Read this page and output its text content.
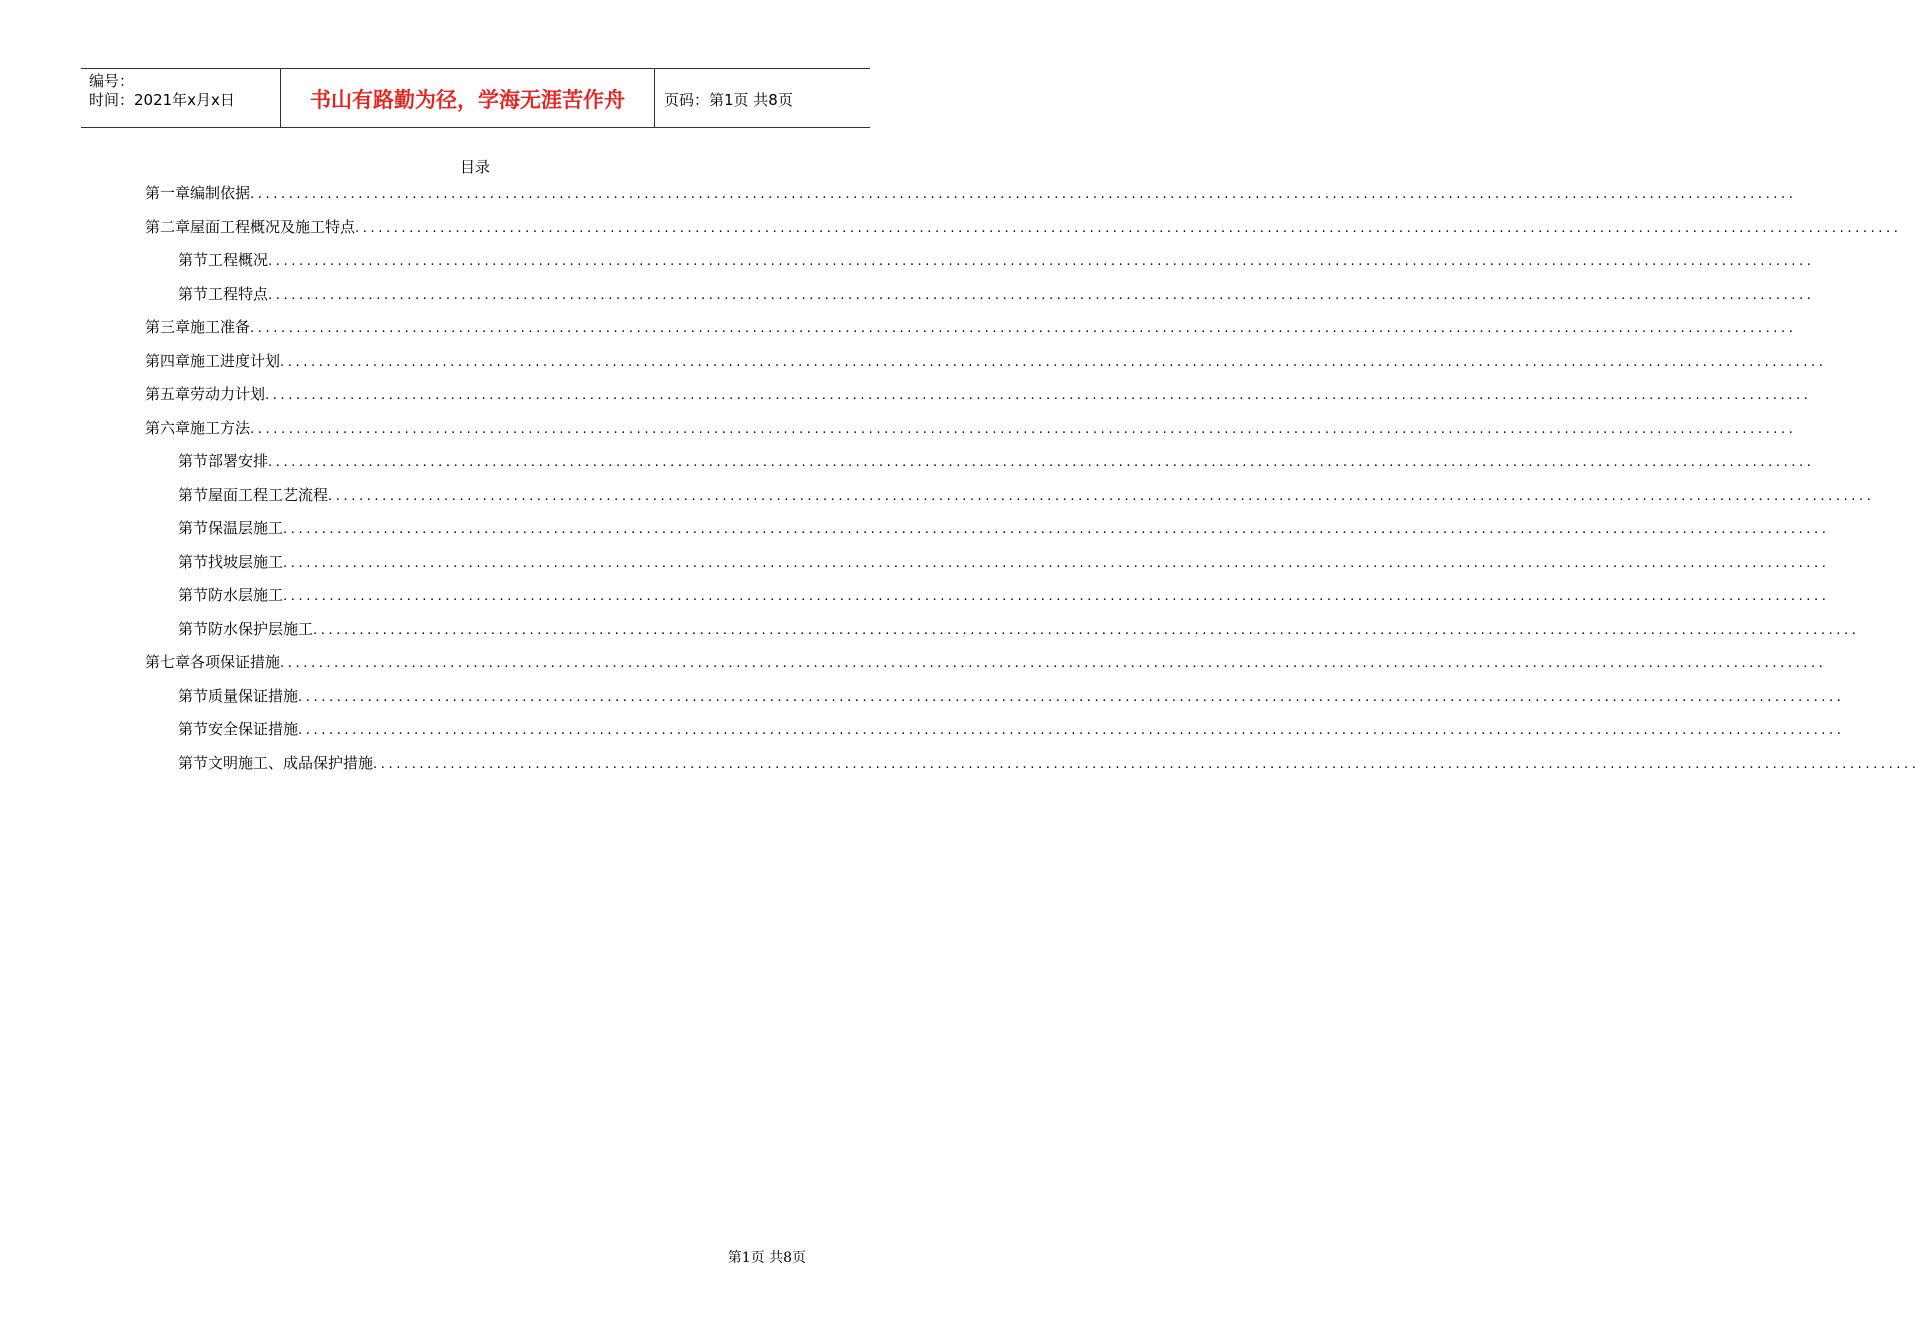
编号：
时间：2021年x月x日	书山有路勤为径，学海无涯苦作舟	页码：第1页 共8页
目录
第一章 编制依据 ........................................................................................................................................................................................................
第二章 屋面工程概况及施工特点 ........................................................................................................................................................................................................
第节 工程概况 ........................................................................................................................................................................................................
第节 工程特点 ........................................................................................................................................................................................................
第三章 施工准备 ........................................................................................................................................................................................................
第四章 施工进度计划 ........................................................................................................................................................................................................
第五章 劳动力计划 ........................................................................................................................................................................................................
第六章 施工方法 ........................................................................................................................................................................................................
第节 部署安排 ........................................................................................................................................................................................................
第节 屋面工程工艺流程 ........................................................................................................................................................................................................
第节 保温层施工 ........................................................................................................................................................................................................
第节 找坡层施工 ........................................................................................................................................................................................................
第节 防水层施工 ........................................................................................................................................................................................................
第节 防水保护层施工 ........................................................................................................................................................................................................
第七章 各项保证措施 ........................................................................................................................................................................................................
第节 质量保证措施 ........................................................................................................................................................................................................
第节 安全保证措施 ........................................................................................................................................................................................................
第节 文明施工、成品保护措施 ........................................................................................................................................................................................................
第1页 共8页
